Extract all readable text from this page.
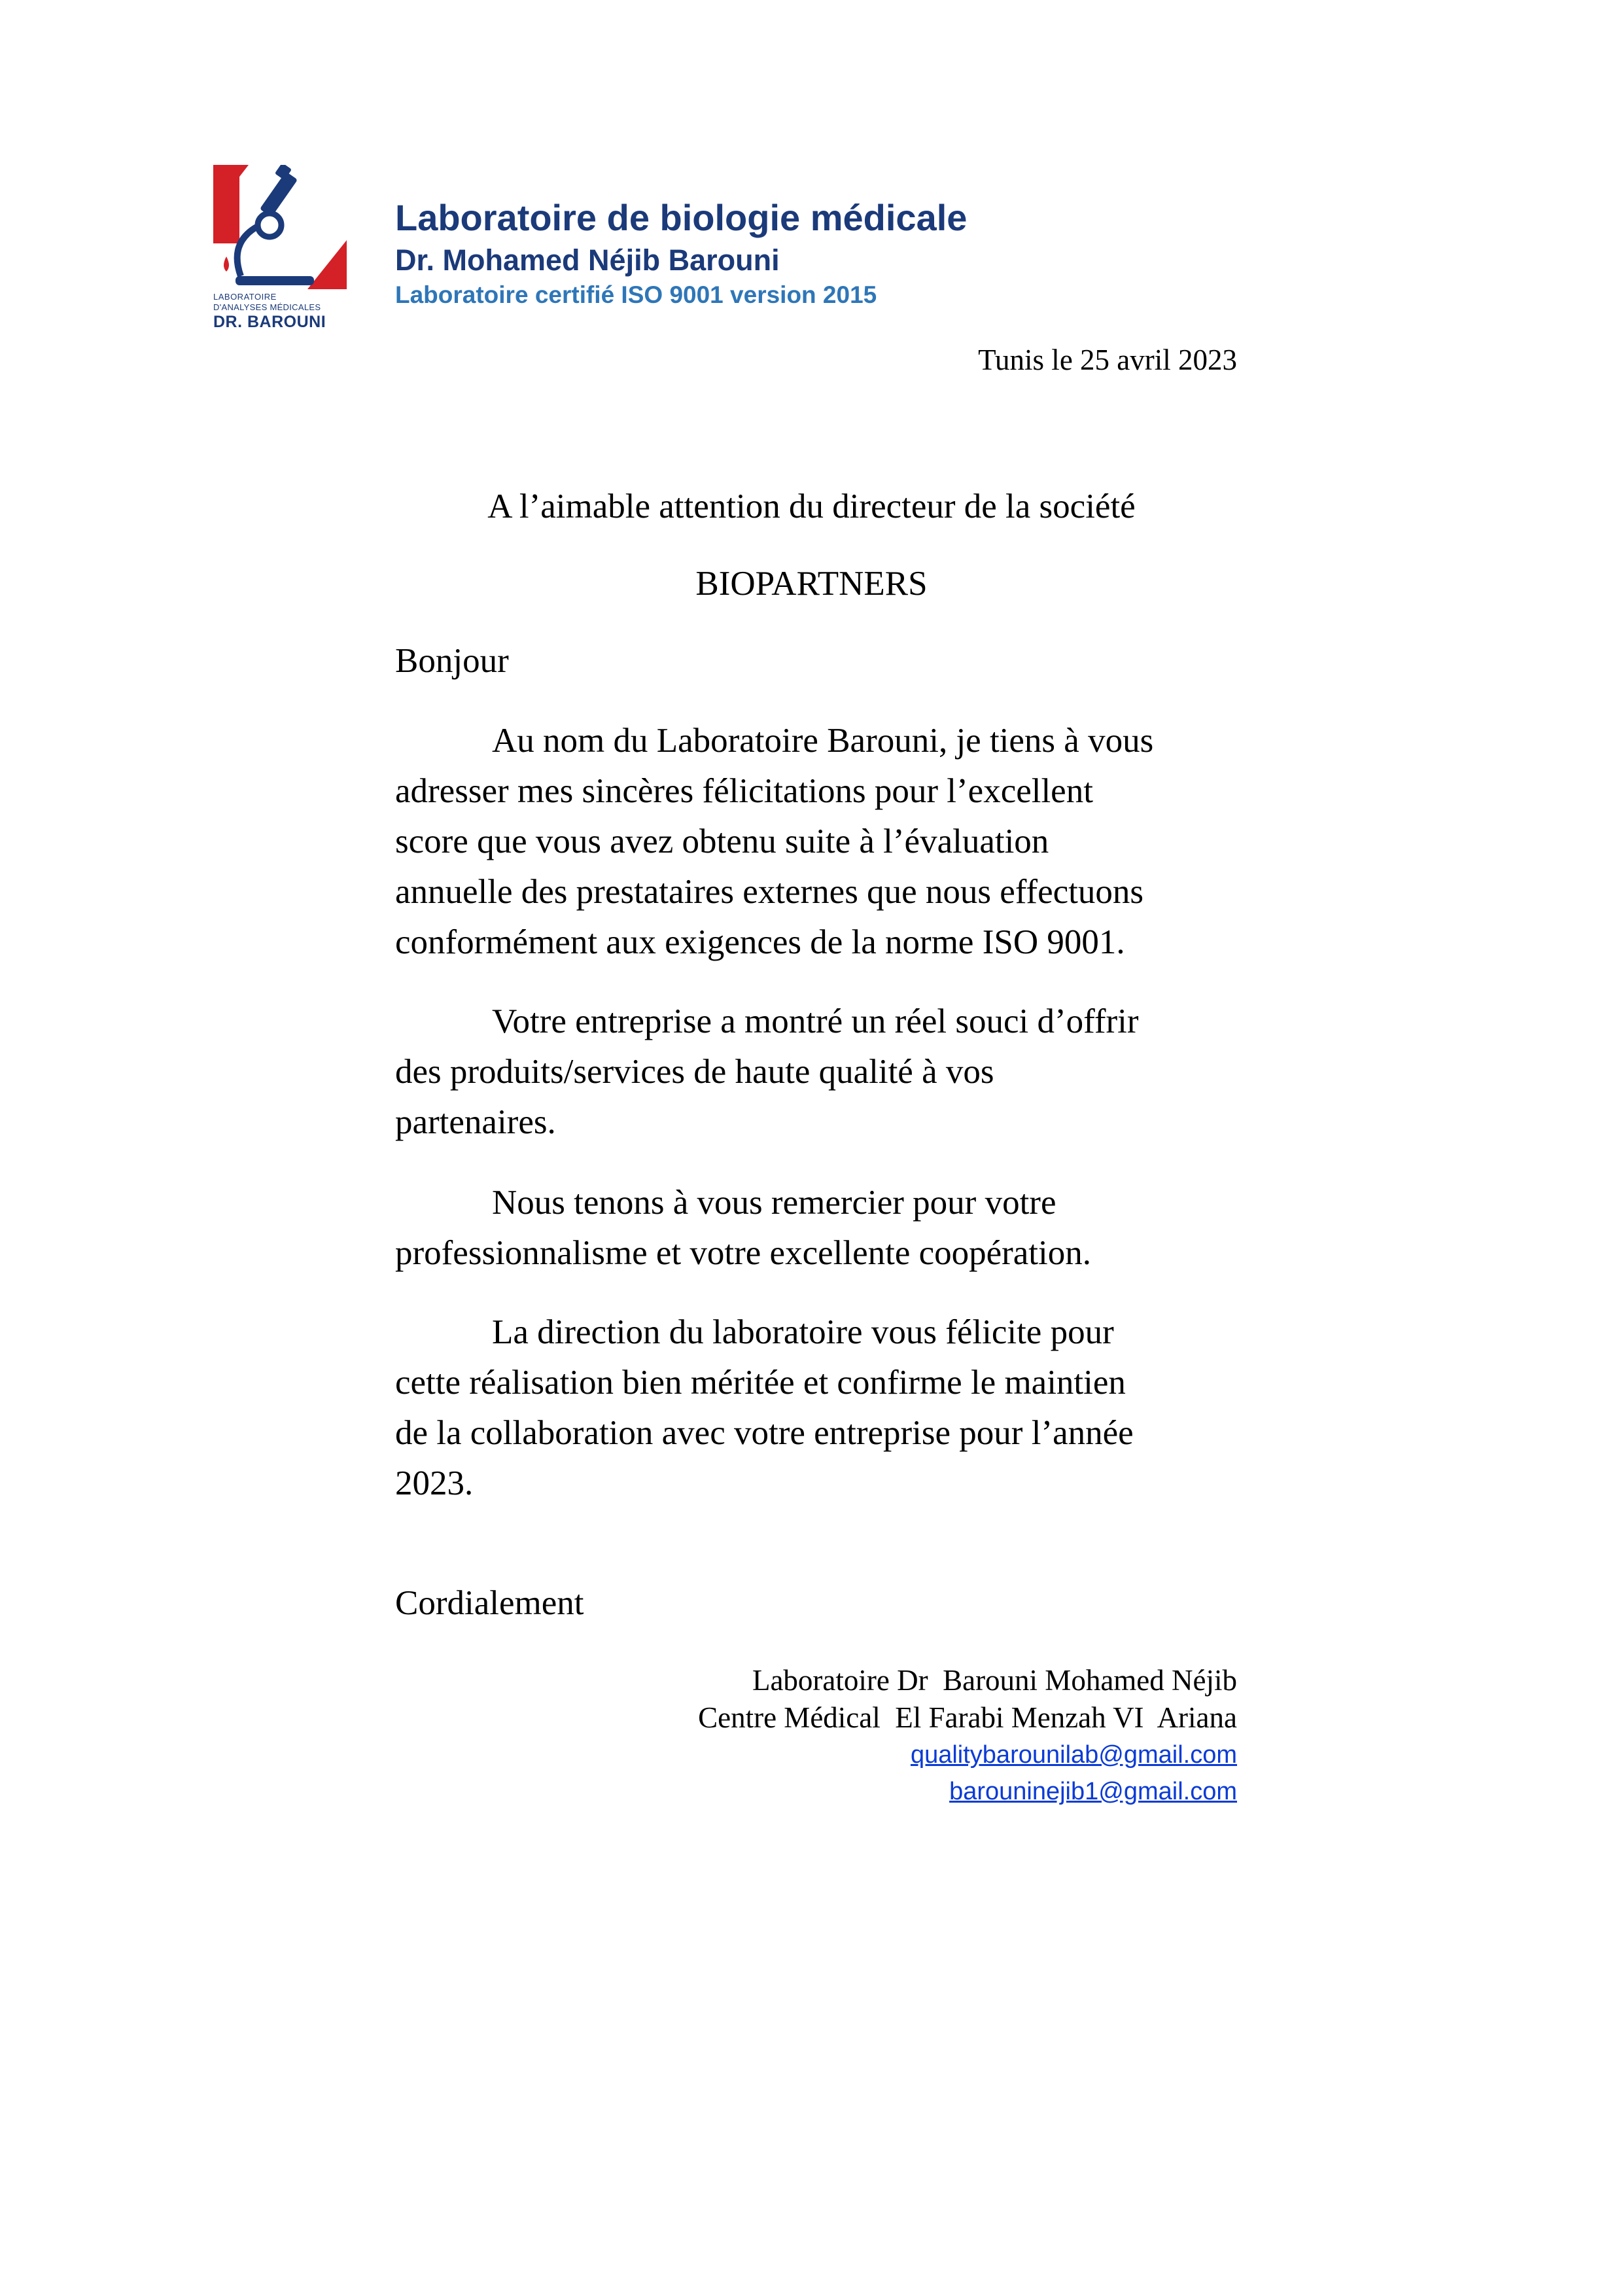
LABORATOIRE
D'ANALYSES MÉDICALES
DR. BAROUNI
Laboratoire de biologie médicale
Dr. Mohamed Néjib Barouni
Laboratoire certifié ISO 9001 version 2015
Tunis le 25 avril 2023
A l’aimable attention du directeur de la société
BIOPARTNERS
Bonjour
Au nom du Laboratoire Barouni, je tiens à vous
adresser mes sincères félicitations pour l’excellent
score que vous avez obtenu suite à l’évaluation
annuelle des prestataires externes que nous effectuons
conformément aux exigences de la norme ISO 9001.
Votre entreprise a montré un réel souci d’offrir
des produits/services de haute qualité à vos
partenaires.
Nous tenons à vous remercier pour votre
professionnalisme et votre excellente coopération.
La direction du laboratoire vous félicite pour
cette réalisation bien méritée et confirme le maintien
de la collaboration avec votre entreprise pour l’année
2023.
Cordialement
Laboratoire Dr  Barouni Mohamed Néjib
Centre Médical  El Farabi Menzah VI  Ariana
qualitybarounilab@gmail.com
barouninejib1@gmail.com
